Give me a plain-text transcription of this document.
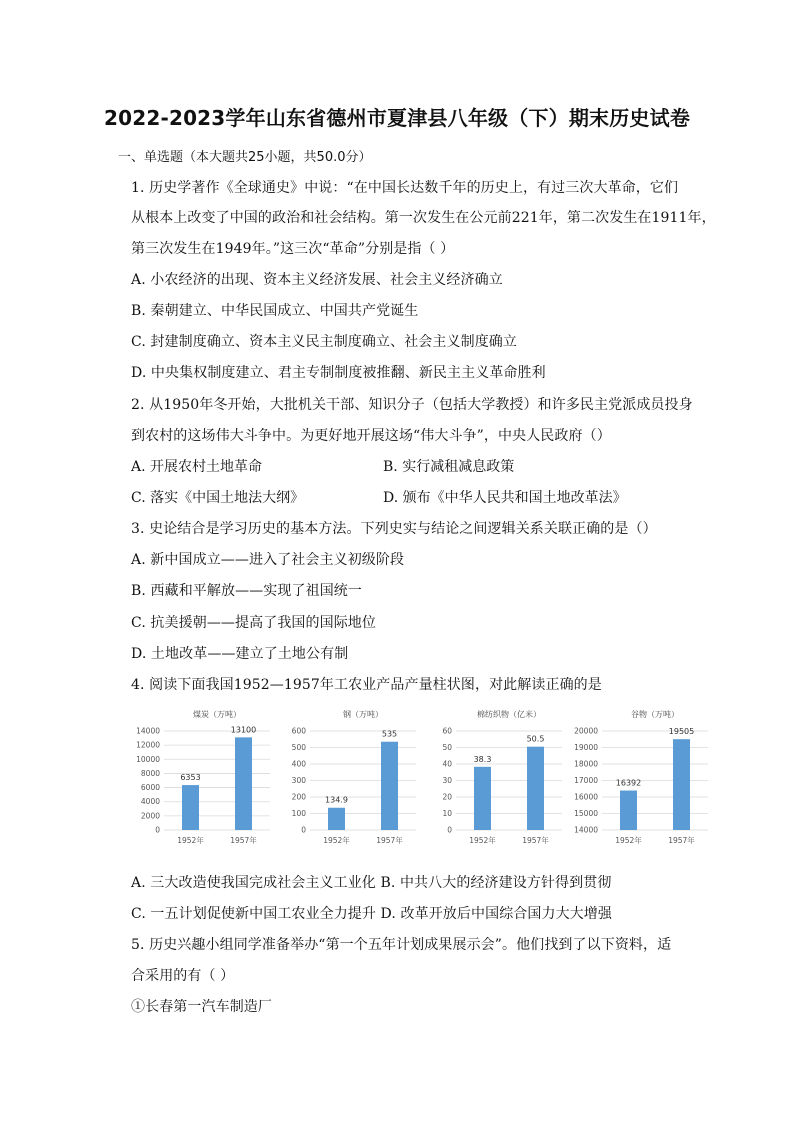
2022-2023学年山东省德州市夏津县八年级（下）期末历史试卷
一、单选题（本大题共25小题，共50.0分）
1. 历史学著作《全球通史》中说：“在中国长达数千年的历史上，有过三次大革命，它们
从根本上改变了中国的政治和社会结构。第一次发生在公元前221年，第二次发生在1911年，
第三次发生在1949年。”这三次“革命”分别是指（ ）
A. 小农经济的出现、资本主义经济发展、社会主义经济确立
B. 秦朝建立、中华民国成立、中国共产党诞生
C. 封建制度确立、资本主义民主制度确立、社会主义制度确立
D. 中央集权制度建立、君主专制制度被推翻、新民主主义革命胜利
2. 从1950年冬开始，大批机关干部、知识分子（包括大学教授）和许多民主党派成员投身
到农村的这场伟大斗争中。为更好地开展这场“伟大斗争”，中央人民政府（）
A. 开展农村土地革命	B. 实行减租减息政策
C. 落实《中国土地法大纲》	D. 颁布《中华人民共和国土地改革法》
3. 史论结合是学习历史的基本方法。下列史实与结论之间逻辑关系关联正确的是（）
A. 新中国成立——进入了社会主义初级阶段
B. 西藏和平解放——实现了祖国统一
C. 抗美援朝——提高了我国的国际地位
D. 土地改革——建立了土地公有制
4. 阅读下面我国1952—1957年工农业产品产量柱状图，对此解读正确的是
煤炭（万吨）
0
2000
4000
6000
8000
10000
12000
14000
6353
1952年
13100
1957年
钢（万吨）
0
100
200
300
400
500
600
134.9
1952年
535
1957年
棉纺织物（亿米）
0
10
20
30
40
50
60
38.3
1952年
50.5
1957年
谷物（万吨）
14000
15000
16000
17000
18000
19000
20000
16392
1952年
19505
1957年
A. 三大改造使我国完成社会主义工业化 B. 中共八大的经济建设方针得到贯彻
C. 一五计划促使新中国工农业全力提升 D. 改革开放后中国综合国力大大增强
5. 历史兴趣小组同学准备举办“第一个五年计划成果展示会”。他们找到了以下资料，适
合采用的有（ ）
①长春第一汽车制造厂
